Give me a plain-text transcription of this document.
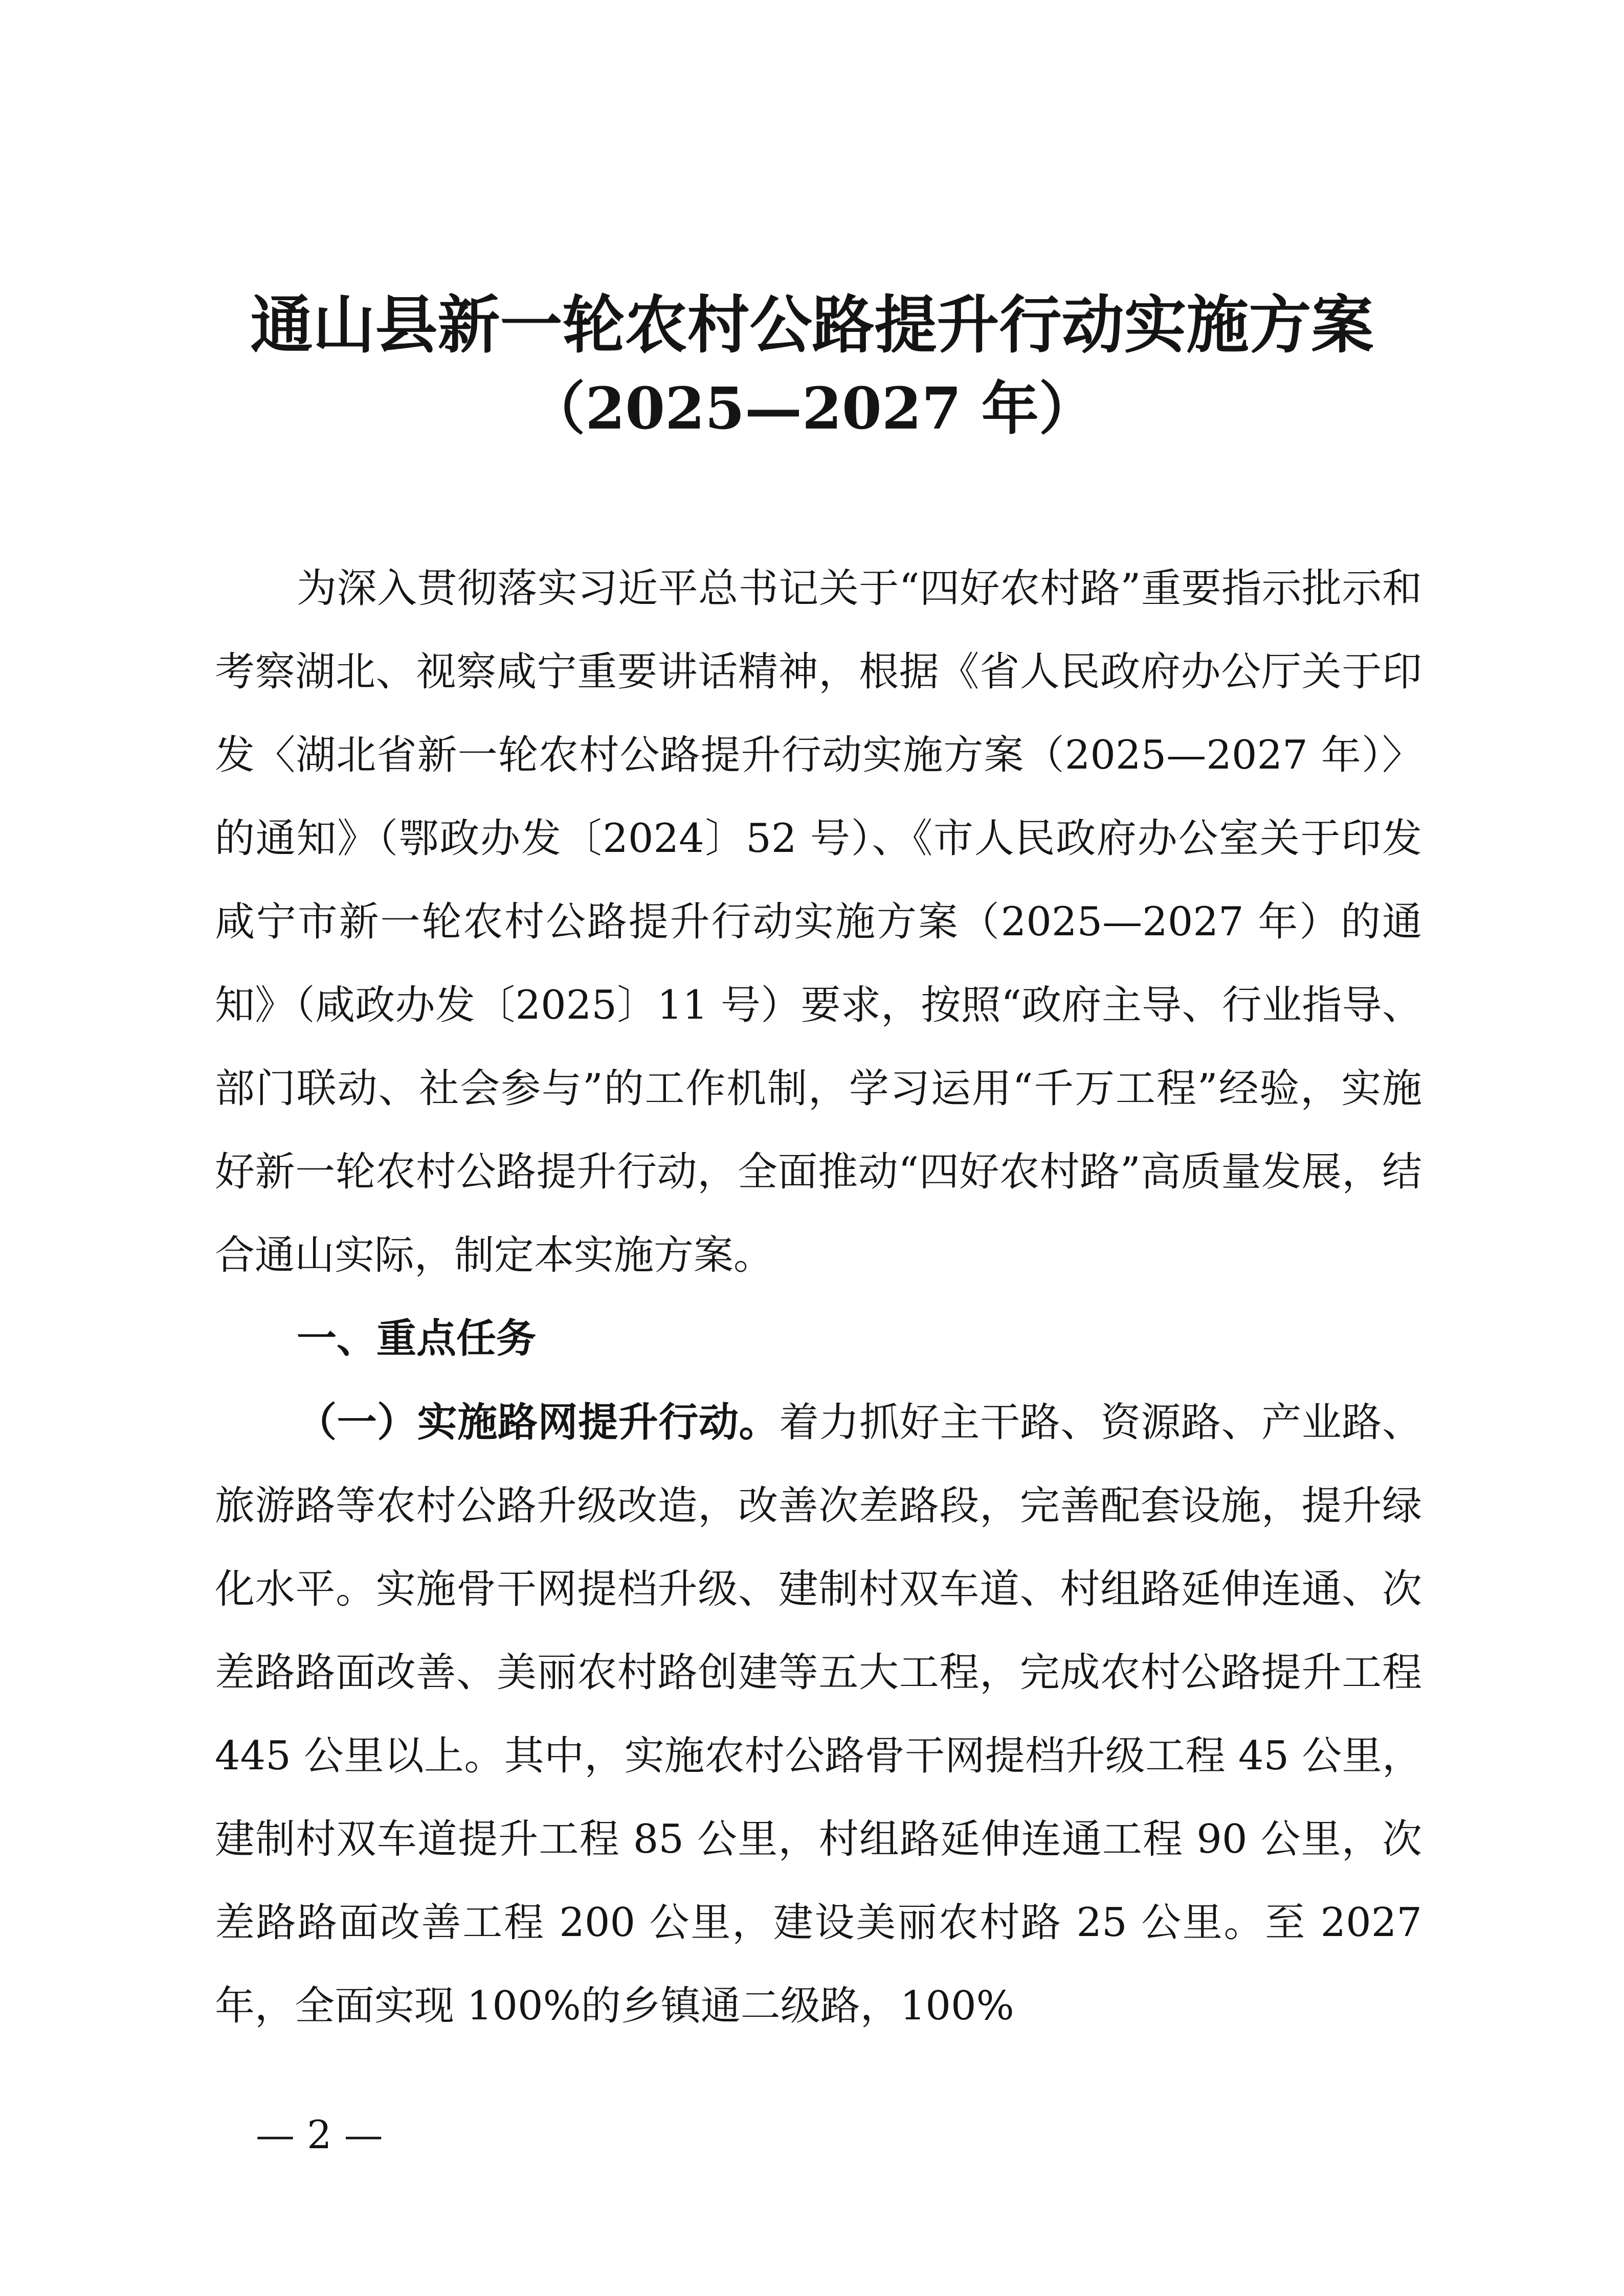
通山县新一轮农村公路提升行动实施方案
（2025—2027 年）

为深入贯彻落实习近平总书记关于“四好农村路”重要指示批示和考察湖北、视察咸宁重要讲话精神，根据《省人民政府办公厅关于印发〈湖北省新一轮农村公路提升行动实施方案（2025—2027 年）〉的通知》（鄂政办发〔2024〕52 号）、《市人民政府办公室关于印发咸宁市新一轮农村公路提升行动实施方案（2025—2027 年）的通知》（咸政办发〔2025〕11 号）要求，按照“政府主导、行业指导、部门联动、社会参与”的工作机制，学习运用“千万工程”经验，实施好新一轮农村公路提升行动，全面推动“四好农村路”高质量发展，结合通山实际，制定本实施方案。

一、重点任务

（一）实施路网提升行动。着力抓好主干路、资源路、产业路、旅游路等农村公路升级改造，改善次差路段，完善配套设施，提升绿化水平。实施骨干网提档升级、建制村双车道、村组路延伸连通、次差路路面改善、美丽农村路创建等五大工程，完成农村公路提升工程 445 公里以上。其中，实施农村公路骨干网提档升级工程 45 公里，建制村双车道提升工程 85 公里，村组路延伸连通工程 90 公里，次差路路面改善工程 200 公里，建设美丽农村路 25 公里。至 2027 年，全面实现 100%的乡镇通二级路，100%

— 2 —
